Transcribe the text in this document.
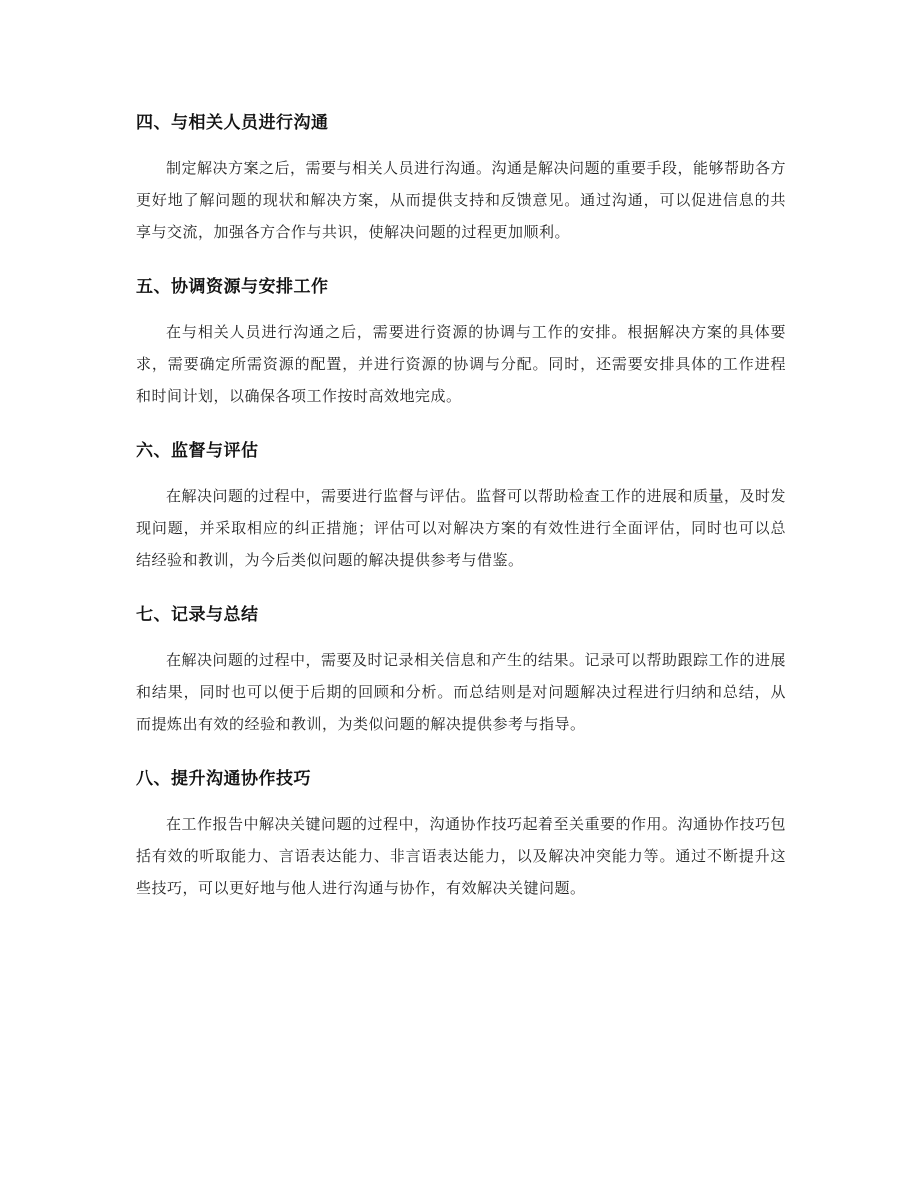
四、与相关人员进行沟通

制定解决方案之后，需要与相关人员进行沟通。沟通是解决问题的重要手段，能够帮助各方更好地了解问题的现状和解决方案，从而提供支持和反馈意见。通过沟通，可以促进信息的共享与交流，加强各方合作与共识，使解决问题的过程更加顺利。

五、协调资源与安排工作

在与相关人员进行沟通之后，需要进行资源的协调与工作的安排。根据解决方案的具体要求，需要确定所需资源的配置，并进行资源的协调与分配。同时，还需要安排具体的工作进程和时间计划，以确保各项工作按时高效地完成。

六、监督与评估

在解决问题的过程中，需要进行监督与评估。监督可以帮助检查工作的进展和质量，及时发现问题，并采取相应的纠正措施；评估可以对解决方案的有效性进行全面评估，同时也可以总结经验和教训，为今后类似问题的解决提供参考与借鉴。

七、记录与总结

在解决问题的过程中，需要及时记录相关信息和产生的结果。记录可以帮助跟踪工作的进展和结果，同时也可以便于后期的回顾和分析。而总结则是对问题解决过程进行归纳和总结，从而提炼出有效的经验和教训，为类似问题的解决提供参考与指导。

八、提升沟通协作技巧

在工作报告中解决关键问题的过程中，沟通协作技巧起着至关重要的作用。沟通协作技巧包括有效的听取能力、言语表达能力、非言语表达能力，以及解决冲突能力等。通过不断提升这些技巧，可以更好地与他人进行沟通与协作，有效解决关键问题。
